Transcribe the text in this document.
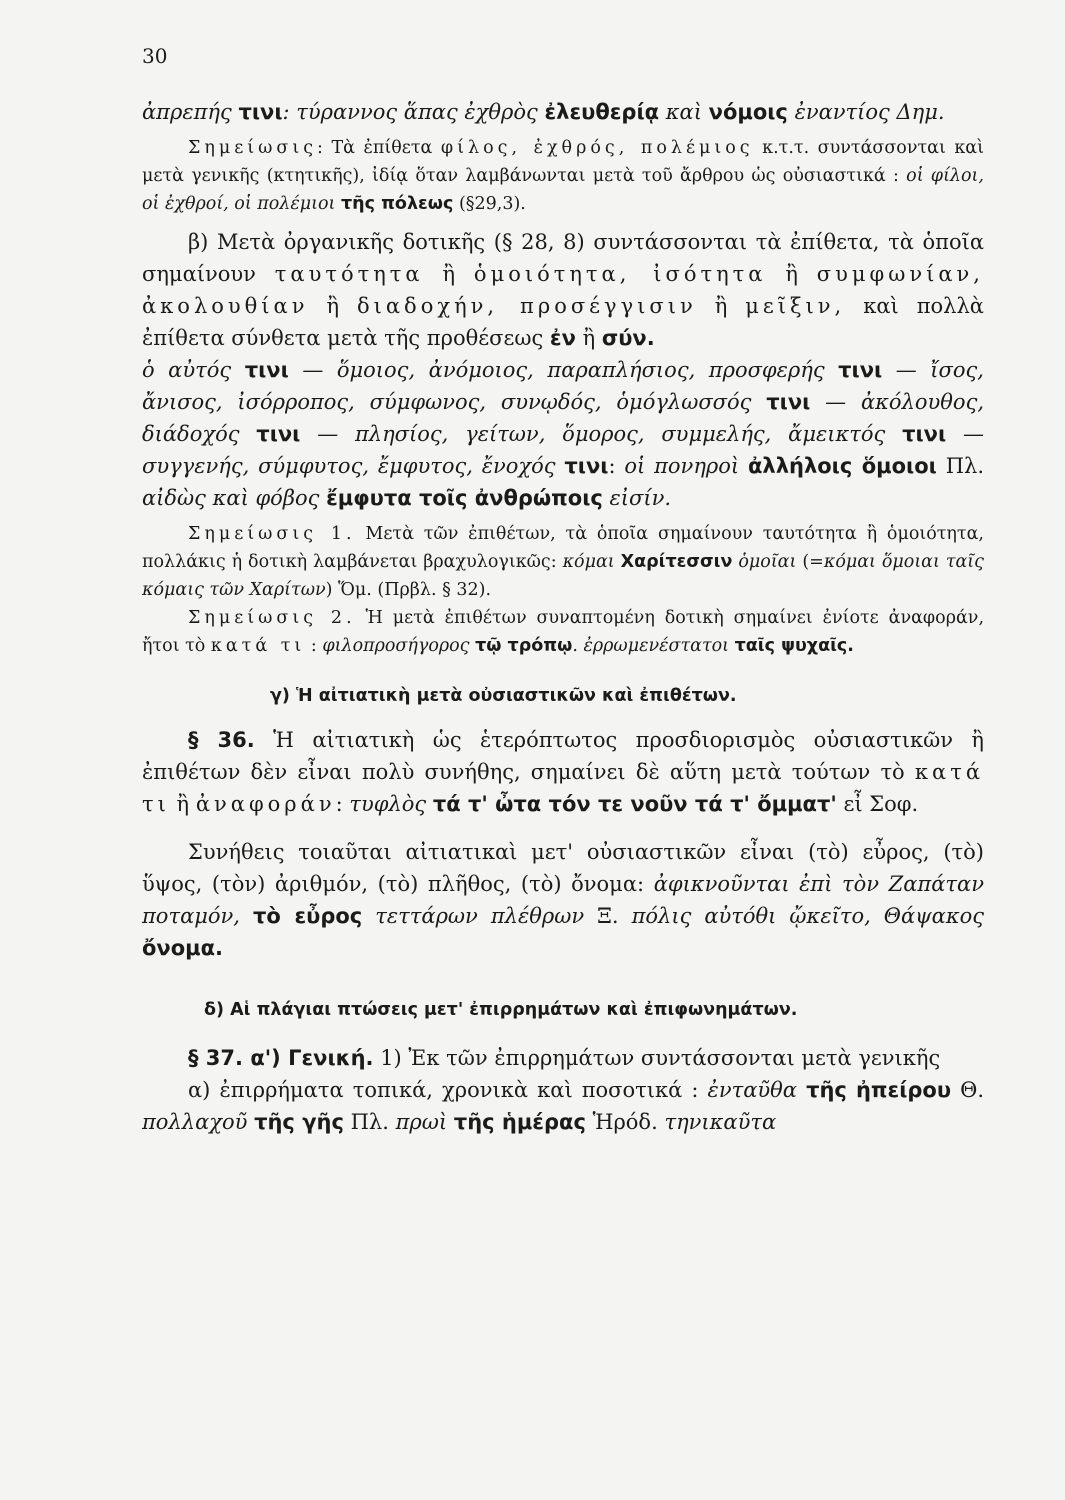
30

ἀπρεπής τινι: τύραννος ἅπας ἐχθρὸς ἐλευθερίᾳ καὶ νόμοις ἐναντίος Δημ.

Σημείωσις: Τὰ ἐπίθετα φίλος, ἐχθρός, πολέμιος κ.τ.τ. συντάσσονται καὶ μετὰ γενικῆς (κτητικῆς), ἰδίᾳ ὅταν λαμβάνωνται μετὰ τοῦ ἄρθρου ὡς οὐσιαστικά : οἱ φίλοι, οἱ ἐχθροί, οἱ πολέμιοι τῆς πόλεως (§29,3).

β) Μετὰ ὀργανικῆς δοτικῆς (§ 28, 8) συντάσσονται τὰ ἐπίθετα, τὰ ὁποῖα σημαίνουν ταυτότητα ἢ ὁμοιότητα, ἰσότητα ἢ συμφωνίαν, ἀκολουθίαν ἢ διαδοχήν, προσέγγισιν ἢ μεῖξιν, καὶ πολλὰ ἐπίθετα σύνθετα μετὰ τῆς προθέσεως ἐν ἢ σύν.

ὁ αὐτός τινι — ὅμοιος, ἀνόμοιος, παραπλήσιος, προσφερής τινι — ἴσος, ἄνισος, ἰσόρροπος, σύμφωνος, συνῳδός, ὁμόγλωσσός τινι — ἀκόλουθος, διάδοχός τινι — πλησίος, γείτων, ὅμορος, συμμελής, ἄμεικτός τινι — συγγενής, σύμφυτος, ἔμφυτος, ἔνοχός τινι: οἱ πονηροὶ ἀλλήλοις ὅμοιοι Πλ. αἰδὼς καὶ φόβος ἔμφυτα τοῖς ἀνθρώποις εἰσίν.

Σημείωσις 1. Μετὰ τῶν ἐπιθέτων, τὰ ὁποῖα σημαίνουν ταυτότητα ἢ ὁμοιότητα, πολλάκις ἡ δοτικὴ λαμβάνεται βραχυλογικῶς: κόμαι Χαρίτεσσιν ὁμοῖαι (=κόμαι ὅμοιαι ταῖς κόμαις τῶν Χαρίτων) Ὅμ. (Πρβλ. § 32).

Σημείωσις 2. Ἡ μετὰ ἐπιθέτων συναπτομένη δοτικὴ σημαίνει ἐνίοτε ἀναφοράν, ἤτοι τὸ κατά τι : φιλοπροσήγορος τῷ τρόπῳ. ἐρρωμενέστατοι ταῖς ψυχαῖς.

γ) Ἡ αἰτιατικὴ μετὰ οὐσιαστικῶν καὶ ἐπιθέτων.

§ 36. Ἡ αἰτιατικὴ ὡς ἑτερόπτωτος προσδιορισμὸς οὐσιαστικῶν ἢ ἐπιθέτων δὲν εἶναι πολὺ συνήθης, σημαίνει δὲ αὕτη μετὰ τούτων τὸ κατά τι ἢ ἀναφοράν: τυφλὸς τά τ' ὦτα τόν τε νοῦν τά τ' ὄμματ' εἶ Σοφ.

Συνήθεις τοιαῦται αἰτιατικαὶ μετ' οὐσιαστικῶν εἶναι (τὸ) εὖρος, (τὸ) ὕψος, (τὸν) ἀριθμόν, (τὸ) πλῆθος, (τὸ) ὄνομα: ἀφικνοῦνται ἐπὶ τὸν Ζαπάταν ποταμόν, τὸ εὖρος τεττάρων πλέθρων Ξ. πόλις αὐτόθι ᾤκεῖτο, Θάψακος ὄνομα.

δ) Αἱ πλάγιαι πτώσεις μετ' ἐπιρρημάτων καὶ ἐπιφωνημάτων.

§ 37. α') Γενική. 1) Ἐκ τῶν ἐπιρρημάτων συντάσσονται μετὰ γενικῆς

α) ἐπιρρήματα τοπικά, χρονικὰ καὶ ποσοτικά : ἐνταῦθα τῆς ἠπείρου Θ. πολλαχοῦ τῆς γῆς Πλ. πρωὶ τῆς ἡμέρας Ἡρόδ. τηνικαῦτα
